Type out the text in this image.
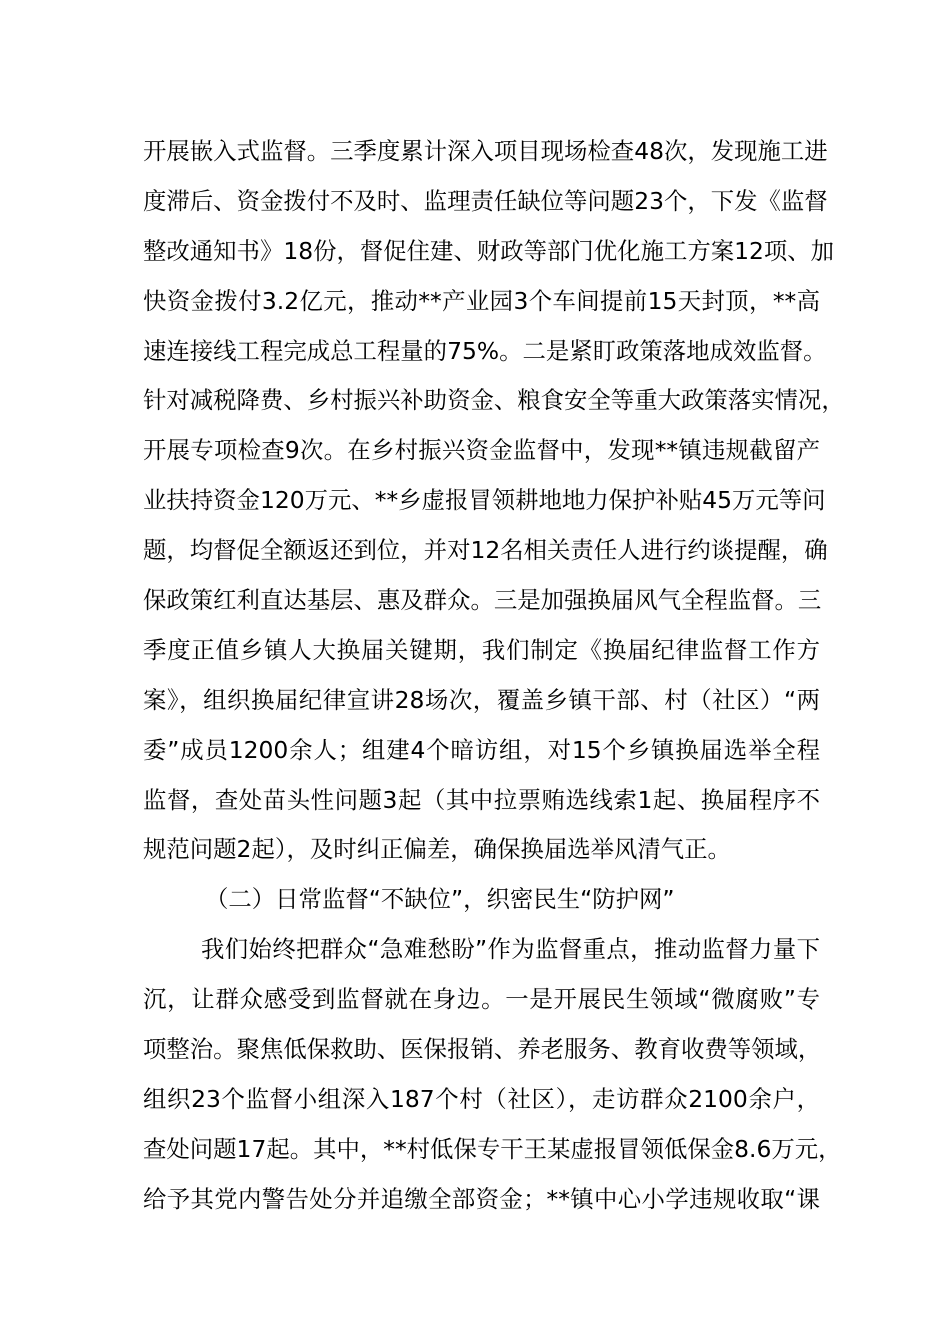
开展嵌入式监督。三季度累计深入项目现场检查48次，发现施工进
度滞后、资金拨付不及时、监理责任缺位等问题23个，下发《监督
整改通知书》18份，督促住建、财政等部门优化施工方案12项、加
快资金拨付3.2亿元，推动**产业园3个车间提前15天封顶，**高
速连接线工程完成总工程量的75%。二是紧盯政策落地成效监督。
针对减税降费、乡村振兴补助资金、粮食安全等重大政策落实情况，
开展专项检查9次。在乡村振兴资金监督中，发现**镇违规截留产
业扶持资金120万元、**乡虚报冒领耕地地力保护补贴45万元等问
题，均督促全额返还到位，并对12名相关责任人进行约谈提醒，确
保政策红利直达基层、惠及群众。三是加强换届风气全程监督。三
季度正值乡镇人大换届关键期，我们制定《换届纪律监督工作方
案》，组织换届纪律宣讲28场次，覆盖乡镇干部、村（社区）“两
委”成员1200余人；组建4个暗访组，对15个乡镇换届选举全程
监督，查处苗头性问题3起（其中拉票贿选线索1起、换届程序不
规范问题2起），及时纠正偏差，确保换届选举风清气正。
（二）日常监督“不缺位”，织密民生“防护网”
我们始终把群众“急难愁盼”作为监督重点，推动监督力量下
沉，让群众感受到监督就在身边。一是开展民生领域“微腐败”专
项整治。聚焦低保救助、医保报销、养老服务、教育收费等领域，
组织23个监督小组深入187个村（社区），走访群众2100余户，
查处问题17起。其中，**村低保专干王某虚报冒领低保金8.6万元，
给予其党内警告处分并追缴全部资金；**镇中心小学违规收取“课
